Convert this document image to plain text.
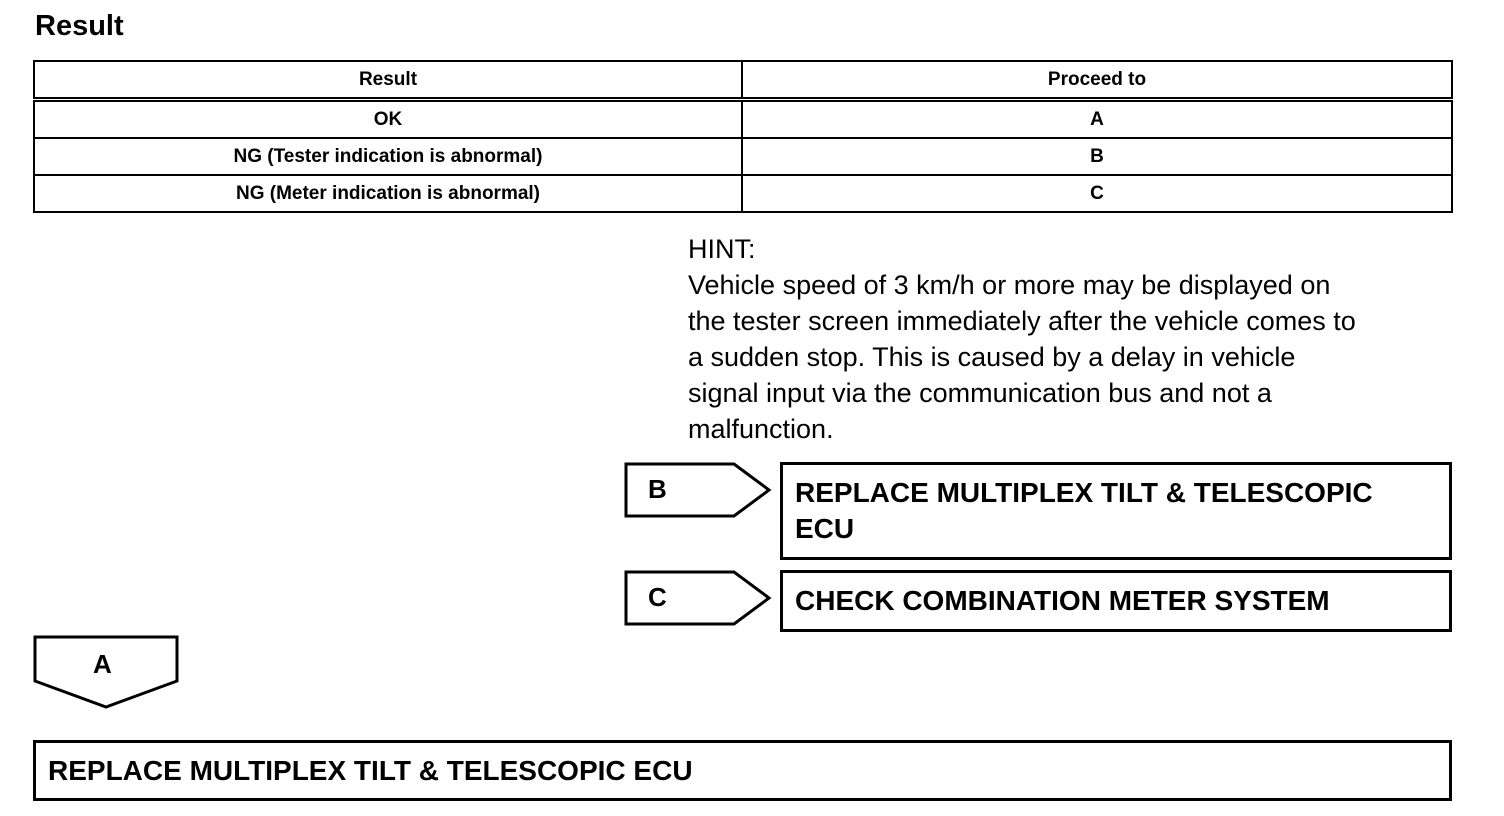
Result
Result	Proceed to
OK	A
NG (Tester indication is abnormal)	B
NG (Meter indication is abnormal)	C
HINT:
Vehicle speed of 3 km/h or more may be displayed on
the tester screen immediately after the vehicle comes to
a sudden stop. This is caused by a delay in vehicle
signal input via the communication bus and not a
malfunction.
B	REPLACE MULTIPLEX TILT & TELESCOPIC
ECU
C	CHECK COMBINATION METER SYSTEM
A
REPLACE MULTIPLEX TILT & TELESCOPIC ECU
